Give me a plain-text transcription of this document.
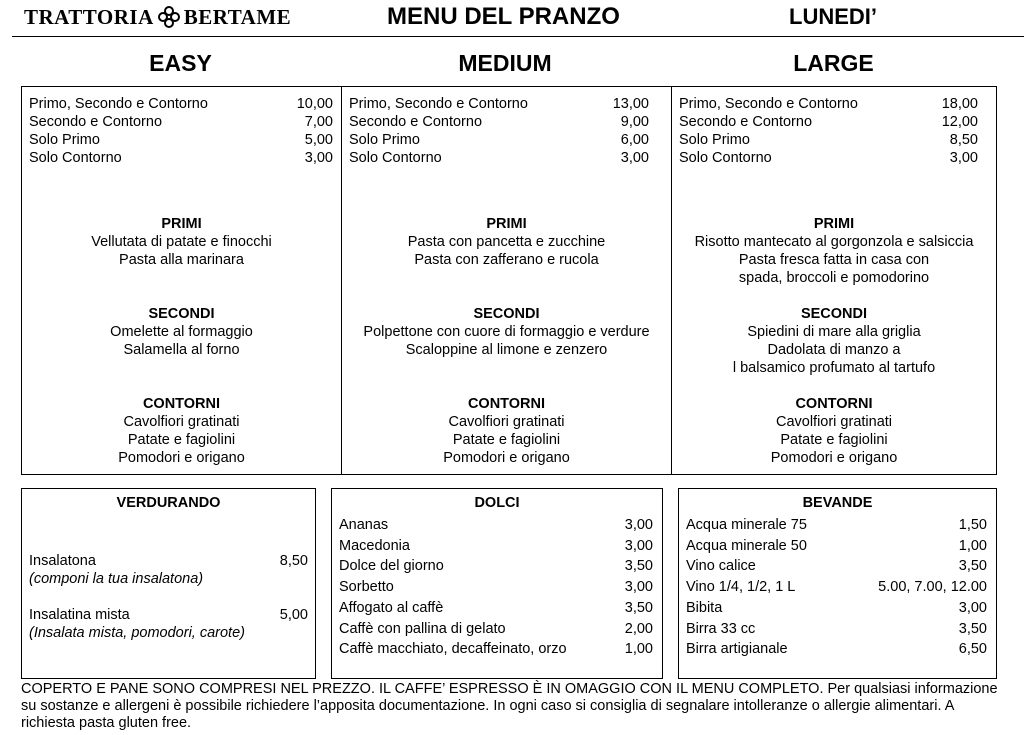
TRATTORIA BERTAME	MENU DEL PRANZO	LUNEDI’
EASY	MEDIUM	LARGE
Primo, Secondo e Contorno	10,00
Secondo e Contorno	7,00
Solo Primo	5,00
Solo Contorno	3,00
PRIMI
Vellutata di patate e finocchi
Pasta alla marinara
SECONDI
Omelette al formaggio
Salamella al forno
CONTORNI
Cavolfiori gratinati
Patate e fagiolini
Pomodori e origano
Primo, Secondo e Contorno	13,00
Secondo e Contorno	9,00
Solo Primo	6,00
Solo Contorno	3,00
PRIMI
Pasta con pancetta e zucchine
Pasta con zafferano e rucola
SECONDI
Polpettone con cuore di formaggio e verdure
Scaloppine al limone e zenzero
CONTORNI
Cavolfiori gratinati
Patate e fagiolini
Pomodori e origano
Primo, Secondo e Contorno	18,00
Secondo e Contorno	12,00
Solo Primo	8,50
Solo Contorno	3,00
PRIMI
Risotto mantecato al gorgonzola e salsiccia
Pasta fresca fatta in casa con
spada, broccoli e pomodorino
SECONDI
Spiedini di mare alla griglia
Dadolata di manzo a
l balsamico profumato al tartufo
CONTORNI
Cavolfiori gratinati
Patate e fagiolini
Pomodori e origano
VERDURANDO
Insalatona	8,50
(componi la tua insalatona)
Insalatina mista	5,00
(Insalata mista, pomodori, carote)
DOLCI
Ananas	3,00
Macedonia	3,00
Dolce del giorno	3,50
Sorbetto	3,00
Affogato al caffè	3,50
Caffè con pallina di gelato	2,00
Caffè macchiato, decaffeinato, orzo	1,00
BEVANDE
Acqua minerale 75	1,50
Acqua minerale 50	1,00
Vino calice	3,50
Vino 1/4, 1/2, 1 L	5.00, 7.00, 12.00
Bibita	3,00
Birra 33 cc	3,50
Birra artigianale	6,50
COPERTO E PANE SONO COMPRESI NEL PREZZO. IL CAFFE’ ESPRESSO È IN OMAGGIO CON IL MENU COMPLETO. Per qualsiasi informazione su sostanze e allergeni è possibile richiedere l’apposita documentazione. In ogni caso si consiglia di segnalare intolleranze o allergie alimentari. A richiesta pasta gluten free.
